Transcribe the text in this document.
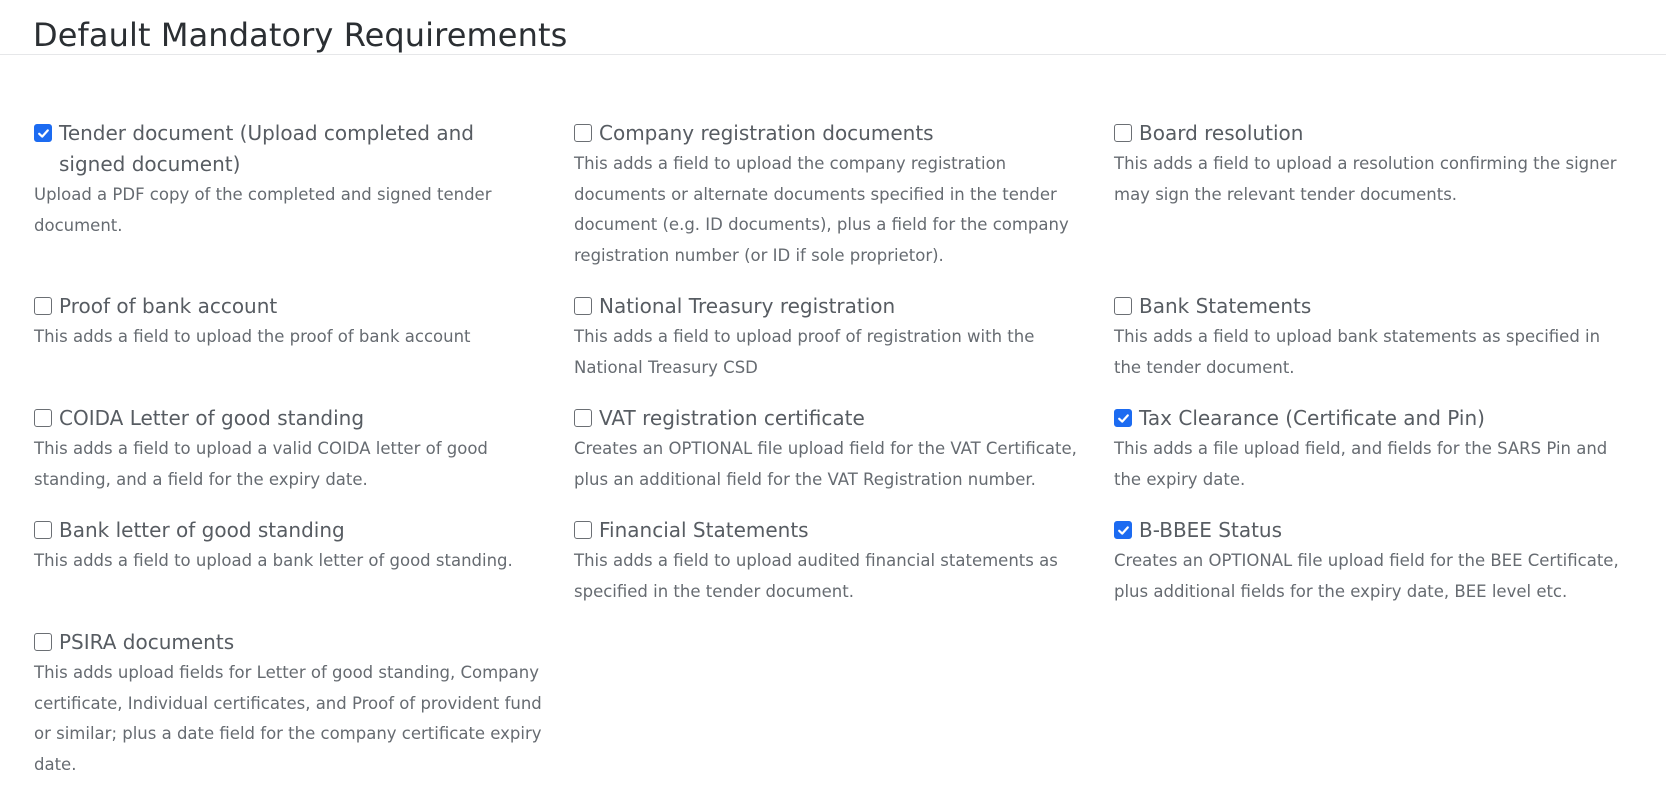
Default Mandatory Requirements
Tender document (Upload completed and signed document)
Upload a PDF copy of the completed and signed tender document.
Company registration documents
This adds a field to upload the company registration documents or alternate documents specified in the tender document (e.g. ID documents), plus a field for the company registration number (or ID if sole proprietor).
Board resolution
This adds a field to upload a resolution confirming the signer may sign the relevant tender documents.
Proof of bank account
This adds a field to upload the proof of bank account
National Treasury registration
This adds a field to upload proof of registration with the National Treasury CSD
Bank Statements
This adds a field to upload bank statements as specified in the tender document.
COIDA Letter of good standing
This adds a field to upload a valid COIDA letter of good standing, and a field for the expiry date.
VAT registration certificate
Creates an OPTIONAL file upload field for the VAT Certificate, plus an additional field for the VAT Registration number.
Tax Clearance (Certificate and Pin)
This adds a file upload field, and fields for the SARS Pin and the expiry date.
Bank letter of good standing
This adds a field to upload a bank letter of good standing.
Financial Statements
This adds a field to upload audited financial statements as specified in the tender document.
B-BBEE Status
Creates an OPTIONAL file upload field for the BEE Certificate, plus additional fields for the expiry date, BEE level etc.
PSIRA documents
This adds upload fields for Letter of good standing, Company certificate, Individual certificates, and Proof of provident fund or similar; plus a date field for the company certificate expiry date.
